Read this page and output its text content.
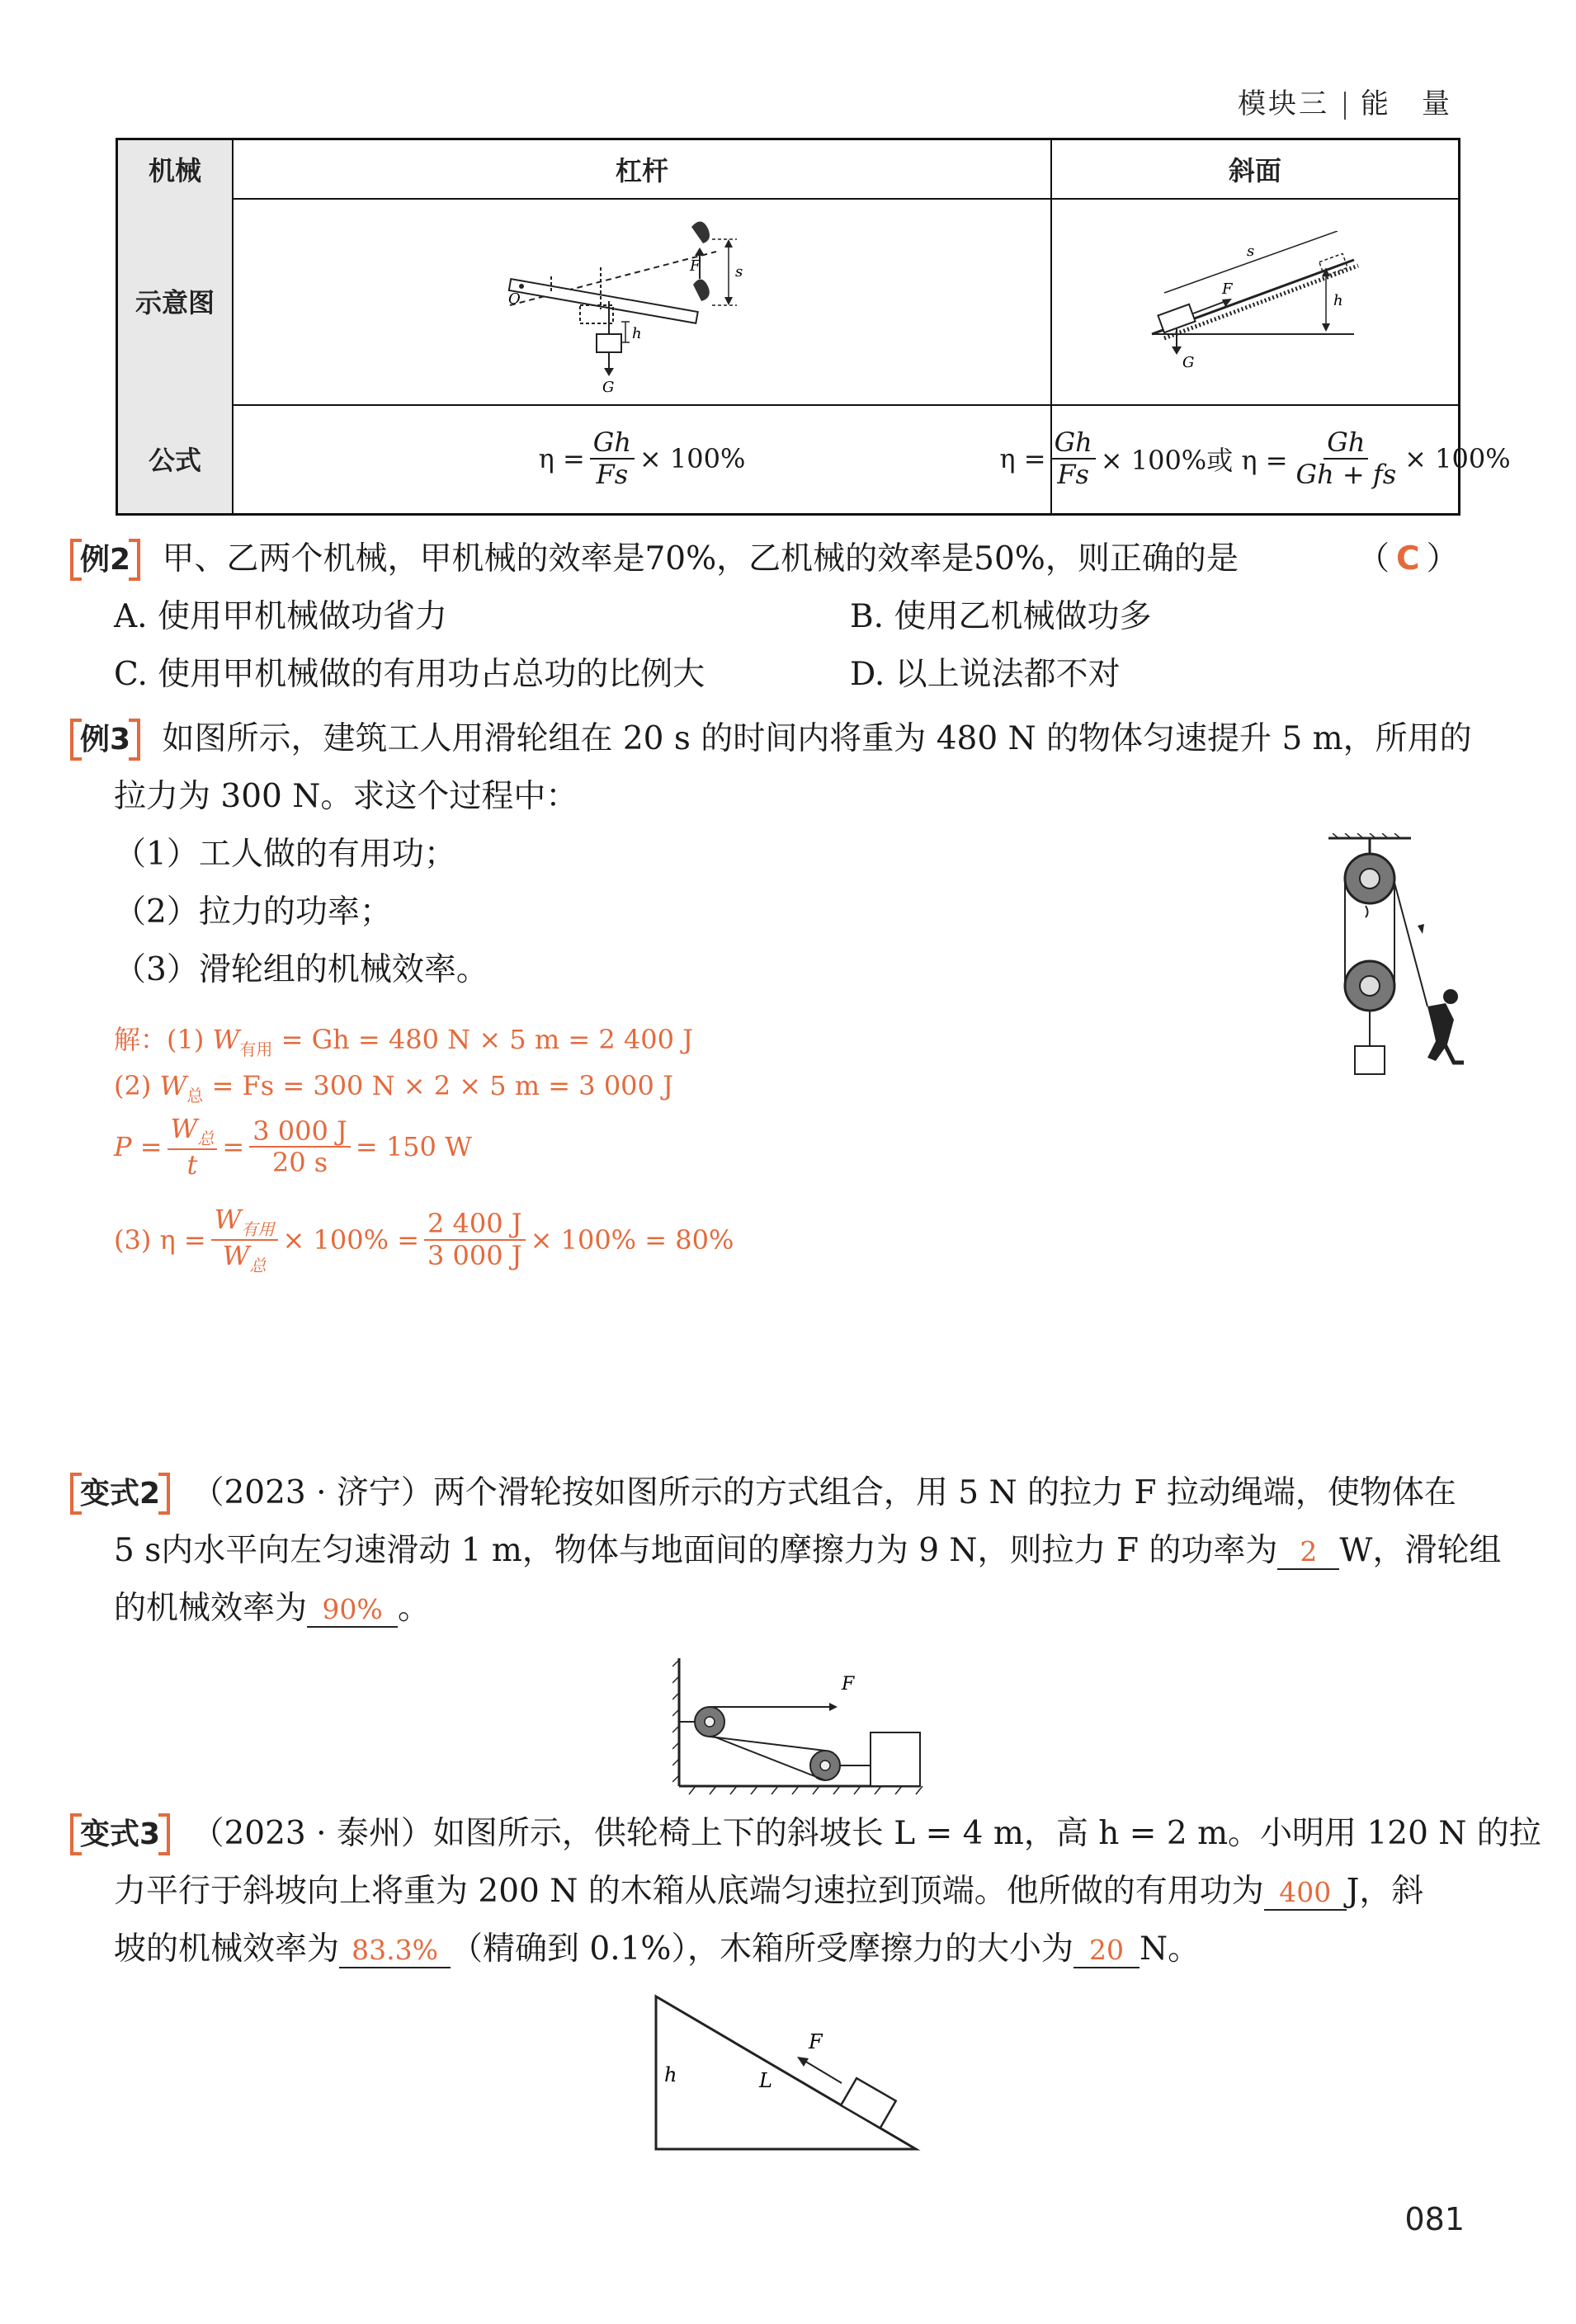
模块三 能　量
机械	杠杆	斜面
示意图
F
O
s
h
G
s
F
h
G
公式	$\eta = \frac{Gh}{Fs} \times 100\%$	$\eta = \frac{Gh}{Fs} \times 100\%$或 $\eta = \frac{Gh}{Gh + fs} \times 100\%$
例2 甲、乙两个机械，甲机械的效率是70%，乙机械的效率是50%，则正确的是	（ C ）
A. 使用甲机械做功省力	B. 使用乙机械做功多
C. 使用甲机械做的有用功占总功的比例大	D. 以上说法都不对
例3 如图所示，建筑工人用滑轮组在 20 s 的时间内将重为 480 N 的物体匀速提升 5 m，所用的
拉力为 300 N。求这个过程中：
（1）工人做的有用功；
（2）拉力的功率；
（3）滑轮组的机械效率。
解：(1) $W_{有用} = Gh = 480$ N × 5 m = 2 400 J
(2) $W_总 = Fs = 300$ N × 2 × 5 m = 3 000 J
$P = \frac{W_总}{t} = \frac{3 000 J}{20 s} = 150$ W
(3) $\eta = \frac{W_{有用}}{W_总} \times 100\% = \frac{2 400 J}{3 000 J} \times 100\% = 80\%$
变式2 （2023 · 济宁）两个滑轮按如图所示的方式组合，用 5 N 的拉力 F 拉动绳端，使物体在
5 s内水平向左匀速滑动 1 m，物体与地面间的摩擦力为 9 N，则拉力 F 的功率为 2 W，滑轮组
的机械效率为 90% 。
F
变式3 （2023 · 泰州）如图所示，供轮椅上下的斜坡长 L = 4 m，高 h = 2 m。小明用 120 N 的拉
力平行于斜坡向上将重为 200 N 的木箱从底端匀速拉到顶端。他所做的有用功为 400 J，斜
坡的机械效率为 83.3% （精确到 0.1%），木箱所受摩擦力的大小为 20 N。
h	L
F
081
